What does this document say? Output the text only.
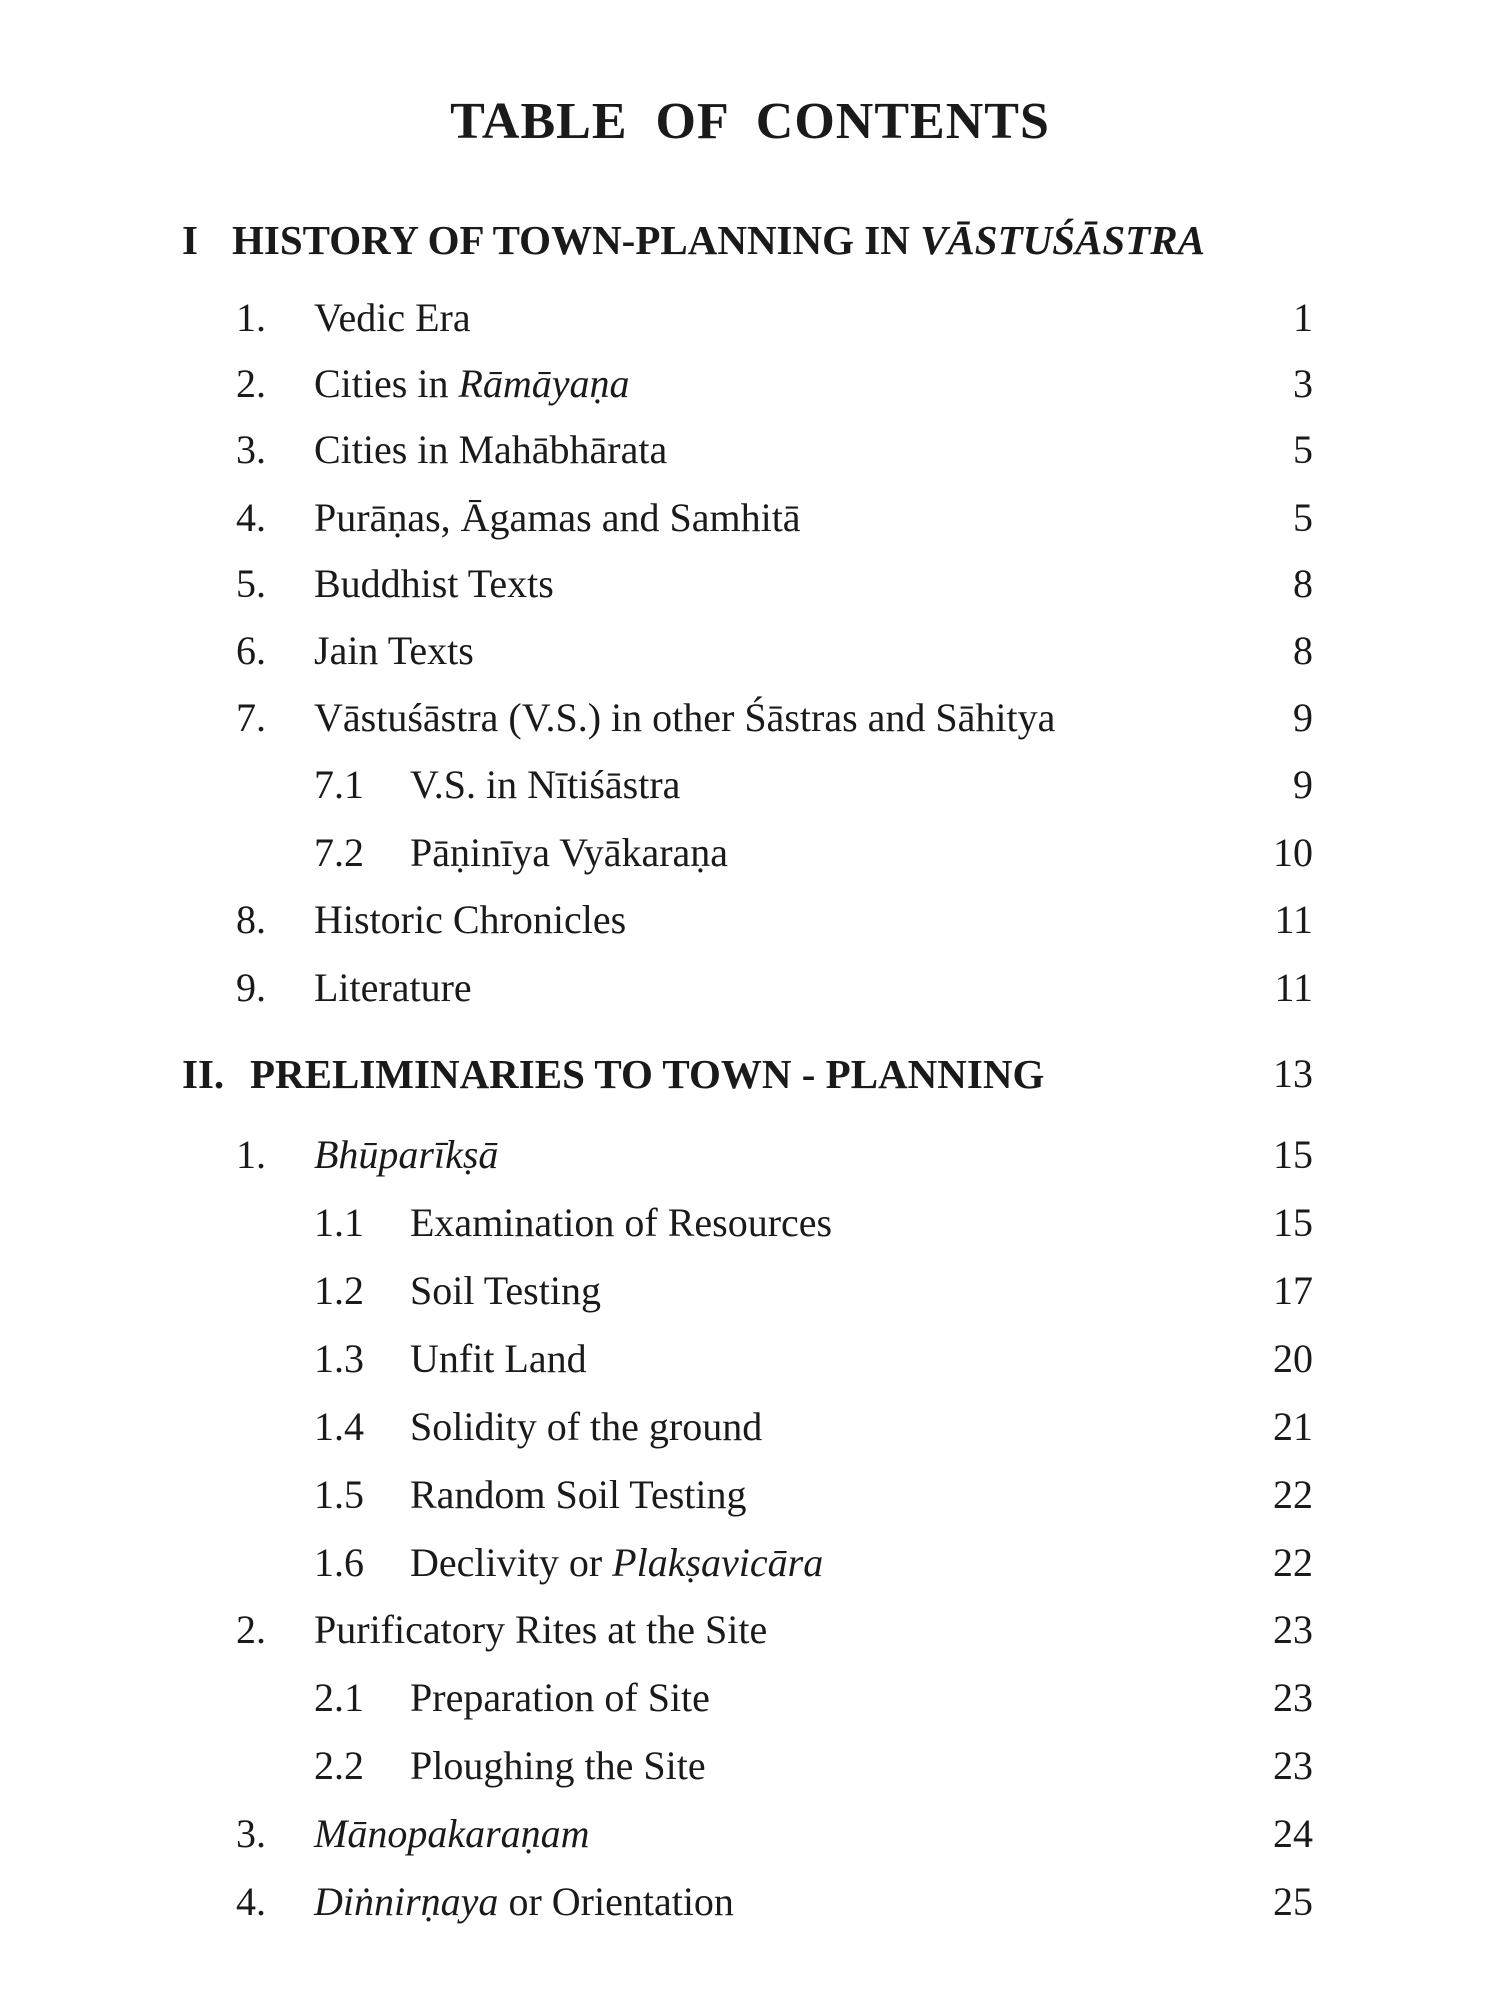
TABLE OF CONTENTS
I HISTORY OF TOWN-PLANNING IN VĀSTUŚĀSTRA
1. Vedic Era	1
2. Cities in Rāmāyaṇa	3
3. Cities in Mahābhārata	5
4. Purāṇas, Āgamas and Samhitā	5
5. Buddhist Texts	8
6. Jain Texts	8
7. Vāstuśāstra (V.S.) in other Śāstras and Sāhitya	9
7.1 V.S. in Nītiśāstra	9
7.2 Pāṇinīya Vyākaraṇa	10
8. Historic Chronicles	11
9. Literature	11
II. PRELIMINARIES TO TOWN - PLANNING	13
1. Bhūparīkṣā	15
1.1 Examination of Resources	15
1.2 Soil Testing	17
1.3 Unfit Land	20
1.4 Solidity of the ground	21
1.5 Random Soil Testing	22
1.6 Declivity or Plakṣavicāra	22
2. Purificatory Rites at the Site	23
2.1 Preparation of Site	23
2.2 Ploughing the Site	23
3. Mānopakaraṇam	24
4. Diṅnirṇaya or Orientation	25
